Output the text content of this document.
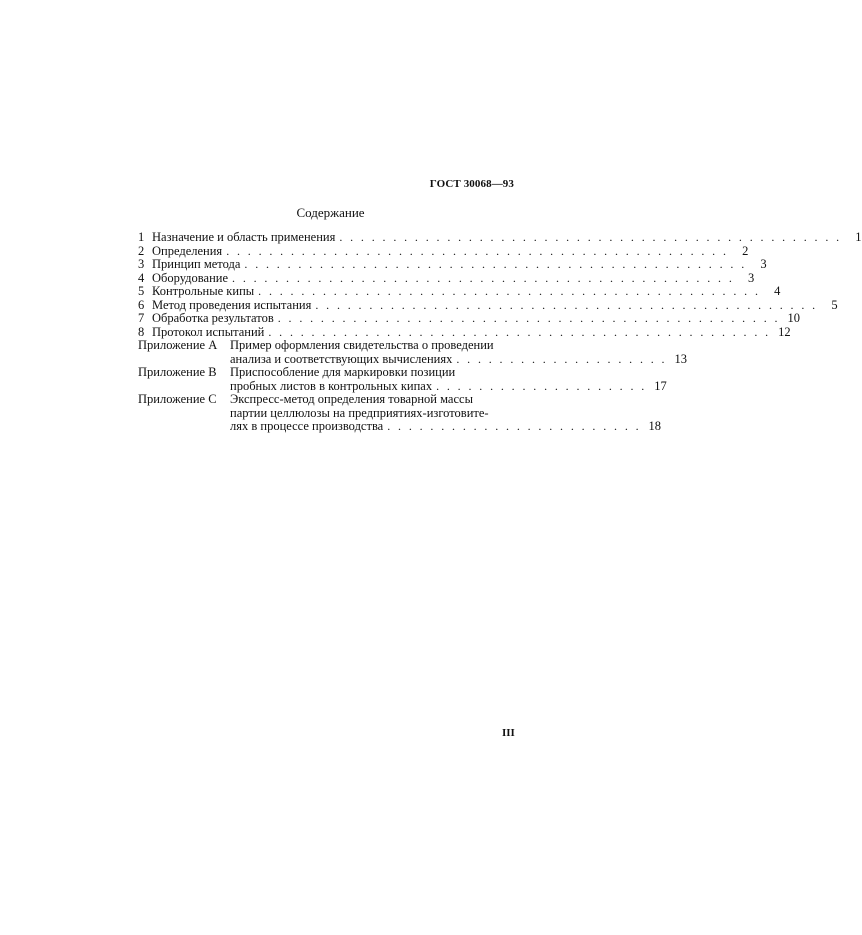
ГОСТ 30068—93
Содержание
1 Назначение и область применения . . . . . . . . . . . . . . . . . . . . . . . . . . . . . . . . . . . . . . . . . . . . . . .	1
2 Определения . . . . . . . . . . . . . . . . . . . . . . . . . . . . . . . . . . . . . . . . . . . . . . .	2
3 Принцип метода . . . . . . . . . . . . . . . . . . . . . . . . . . . . . . . . . . . . . . . . . . . . . . .	3
4 Оборудование . . . . . . . . . . . . . . . . . . . . . . . . . . . . . . . . . . . . . . . . . . . . . . .	3
5 Контрольные кипы . . . . . . . . . . . . . . . . . . . . . . . . . . . . . . . . . . . . . . . . . . . . . . .	4
6 Метод проведения испытания . . . . . . . . . . . . . . . . . . . . . . . . . . . . . . . . . . . . . . . . . . . . . . .	5
7 Обработка результатов . . . . . . . . . . . . . . . . . . . . . . . . . . . . . . . . . . . . . . . . . . . . . . . 10
8 Протокол испытаний . . . . . . . . . . . . . . . . . . . . . . . . . . . . . . . . . . . . . . . . . . . . . . . 12
Приложение А	Пример оформления свидетельства о проведении
анализа и соответствующих вычислениях . . . . . . . . . . . . . . . . . . . . 13
Приложение В	Приспособление для маркировки позиции
пробных листов в контрольных кипах . . . . . . . . . . . . . . . . . . . . 17
Приложение С	Экспресс-метод определения товарной массы
партии целлюлозы на предприятиях-изготовите-
лях в процессе производства . . . . . . . . . . . . . . . . . . . . . . . . 18
III
